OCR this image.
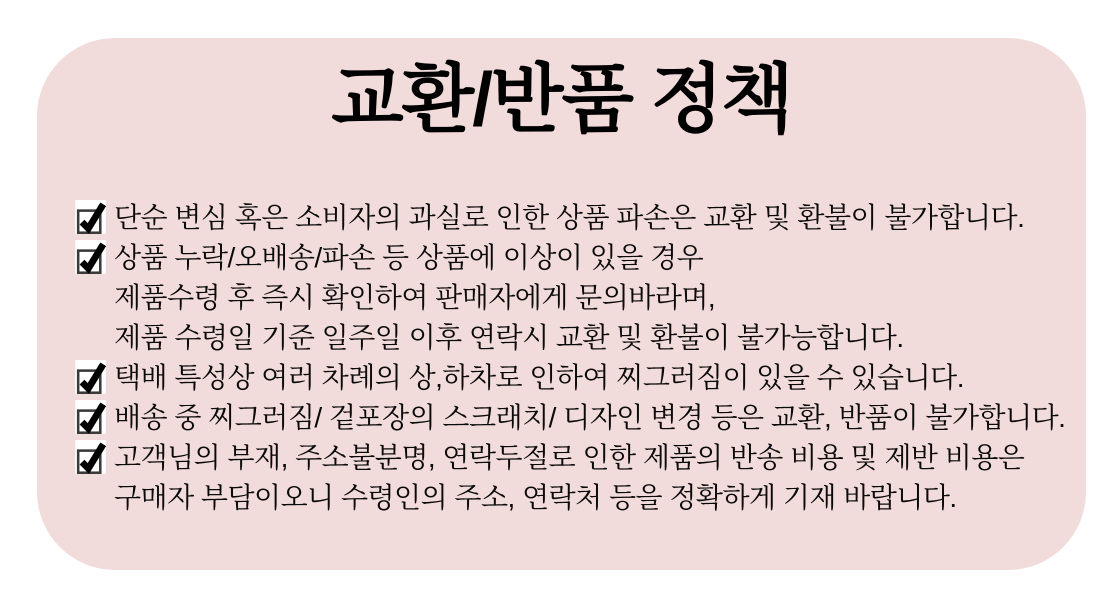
교환/반품 정책
단순 변심 혹은 소비자의 과실로 인한 상품 파손은 교환 및 환불이 불가합니다.
상품 누락/오배송/파손 등 상품에 이상이 있을 경우
제품수령 후 즉시 확인하여 판매자에게 문의바라며,
제품 수령일 기준 일주일 이후 연락시 교환 및 환불이 불가능합니다.
택배 특성상 여러 차례의 상,하차로 인하여 찌그러짐이 있을 수 있습니다.
배송 중 찌그러짐/ 겉포장의 스크래치/ 디자인 변경 등은 교환, 반품이 불가합니다.
고객님의 부재, 주소불분명, 연락두절로 인한 제품의 반송 비용 및 제반 비용은
구매자 부담이오니 수령인의 주소, 연락처 등을 정확하게 기재 바랍니다.
